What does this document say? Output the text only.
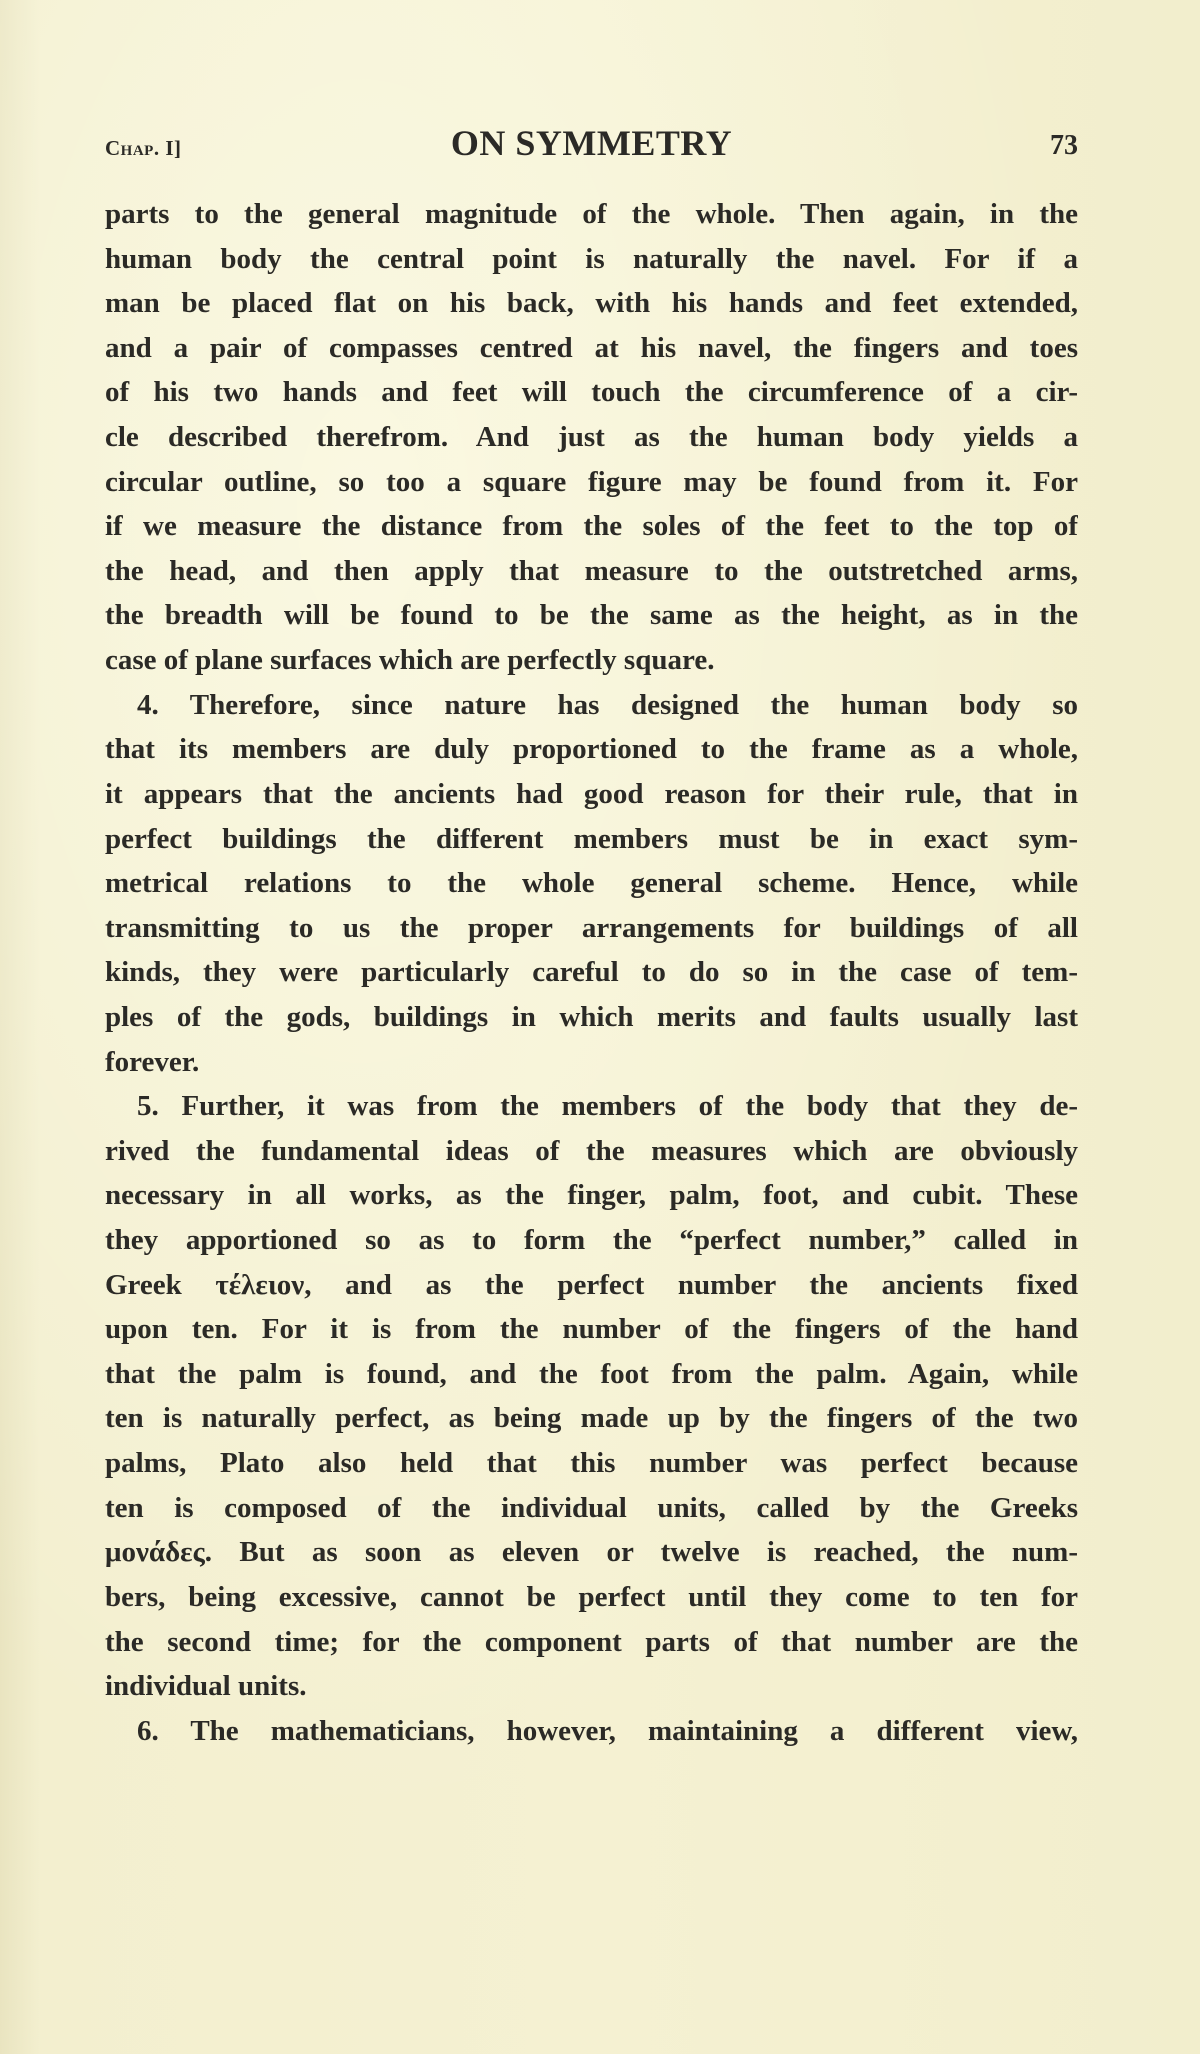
Chap. I]	ON SYMMETRY	73
parts to the general magnitude of the whole. Then again, in the
human body the central point is naturally the navel. For if a
man be placed flat on his back, with his hands and feet extended,
and a pair of compasses centred at his navel, the fingers and toes
of his two hands and feet will touch the circumference of a cir-
cle described therefrom. And just as the human body yields a
circular outline, so too a square figure may be found from it. For
if we measure the distance from the soles of the feet to the top of
the head, and then apply that measure to the outstretched arms,
the breadth will be found to be the same as the height, as in the
case of plane surfaces which are perfectly square.
4. Therefore, since nature has designed the human body so
that its members are duly proportioned to the frame as a whole,
it appears that the ancients had good reason for their rule, that in
perfect buildings the different members must be in exact sym-
metrical relations to the whole general scheme. Hence, while
transmitting to us the proper arrangements for buildings of all
kinds, they were particularly careful to do so in the case of tem-
ples of the gods, buildings in which merits and faults usually last
forever.
5. Further, it was from the members of the body that they de-
rived the fundamental ideas of the measures which are obviously
necessary in all works, as the finger, palm, foot, and cubit. These
they apportioned so as to form the “perfect number,” called in
Greek τέλειον, and as the perfect number the ancients fixed
upon ten. For it is from the number of the fingers of the hand
that the palm is found, and the foot from the palm. Again, while
ten is naturally perfect, as being made up by the fingers of the two
palms, Plato also held that this number was perfect because
ten is composed of the individual units, called by the Greeks
μονάδες. But as soon as eleven or twelve is reached, the num-
bers, being excessive, cannot be perfect until they come to ten for
the second time; for the component parts of that number are the
individual units.
6. The mathematicians, however, maintaining a different view,
